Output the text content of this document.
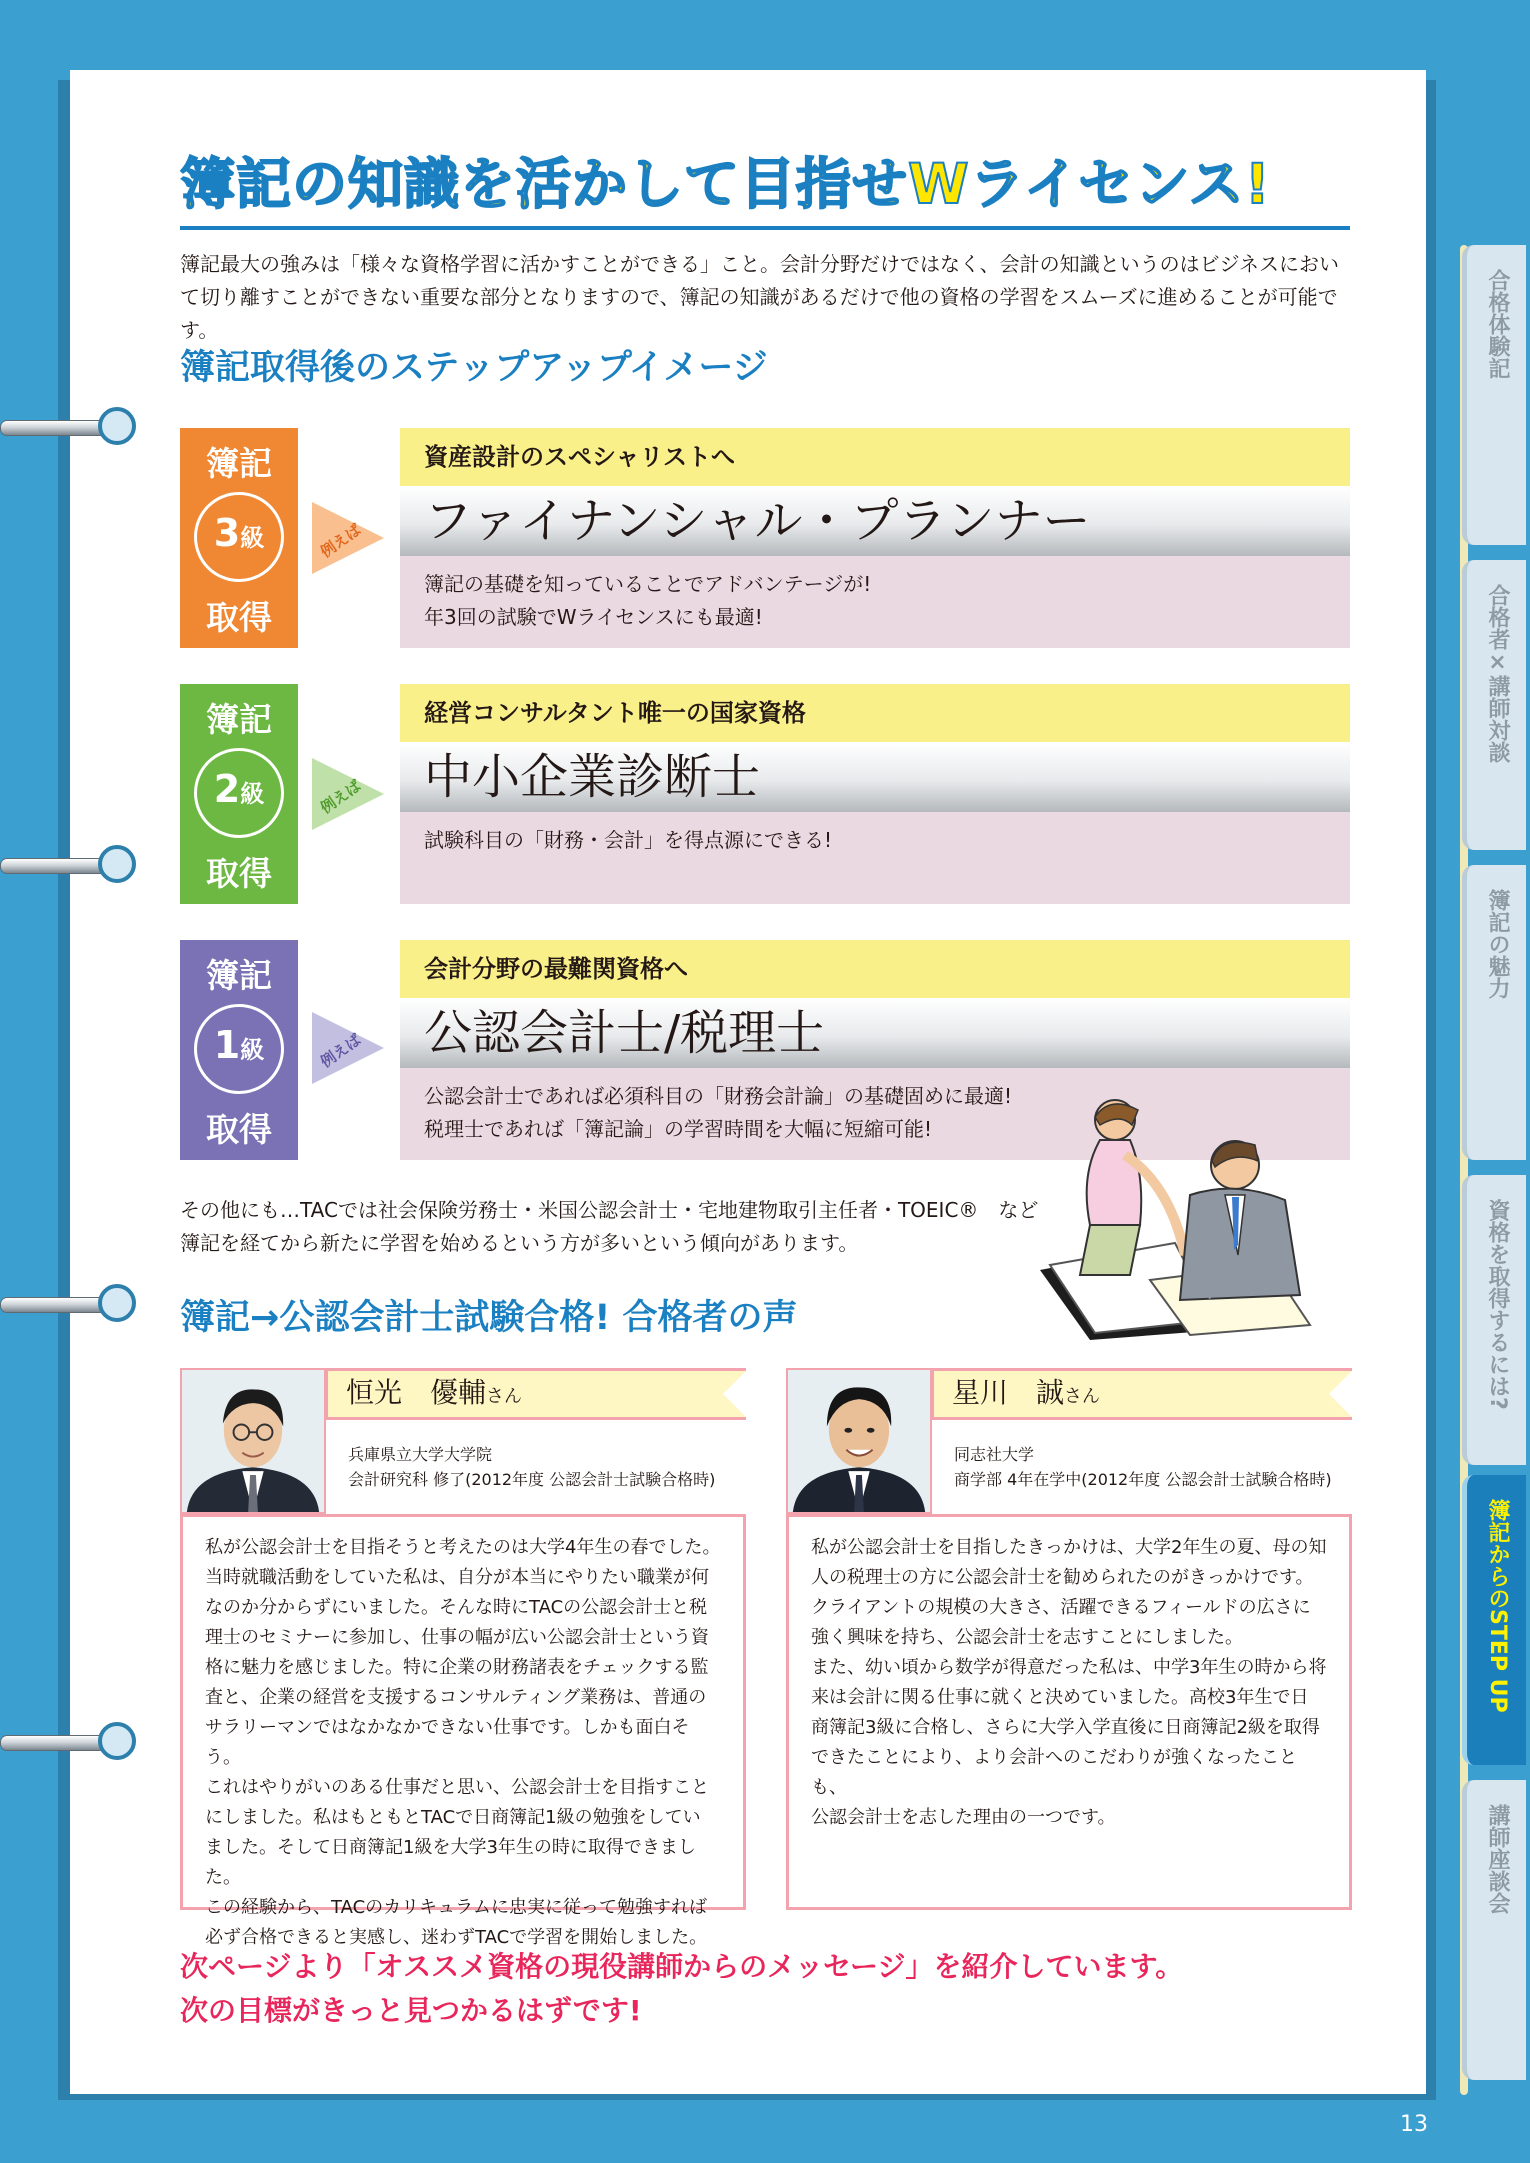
合格体験記
合格者×講師対談
簿記の魅力
資格を取得するには?
簿記からのSTEP UP
講師座談会
簿記の知識を活かして目指せWライセンス!
簿記最大の強みは「様々な資格学習に活かすことができる」こと。会計分野だけではなく、会計の知識というのはビジネスにおいて切り離すことができない重要な部分となりますので、簿記の知識があるだけで他の資格の学習をスムーズに進めることが可能です。
簿記取得後のステップアップイメージ
簿記
3級
取得
例えば
資産設計のスペシャリストへ
ファイナンシャル・プランナー
簿記の基礎を知っていることでアドバンテージが!
年3回の試験でWライセンスにも最適!
簿記
2級
取得
例えば
経営コンサルタント唯一の国家資格
中小企業診断士
試験科目の「財務・会計」を得点源にできる!
簿記
1級
取得
例えば
会計分野の最難関資格へ
公認会計士/税理士
公認会計士であれば必須科目の「財務会計論」の基礎固めに最適!
税理士であれば「簿記論」の学習時間を大幅に短縮可能!
その他にも…TACでは社会保険労務士・米国公認会計士・宅地建物取引主任者・TOEIC®　など
簿記を経てから新たに学習を始めるという方が多いという傾向があります。
簿記→公認会計士試験合格! 合格者の声
恒光　優輔さん
兵庫県立大学大学院
会計研究科 修了(2012年度 公認会計士試験合格時)
私が公認会計士を目指そうと考えたのは大学4年生の春でした。
当時就職活動をしていた私は、自分が本当にやりたい職業が何
なのか分からずにいました。そんな時にTACの公認会計士と税
理士のセミナーに参加し、仕事の幅が広い公認会計士という資
格に魅力を感じました。特に企業の財務諸表をチェックする監
査と、企業の経営を支援するコンサルティング業務は、普通の
サラリーマンではなかなかできない仕事です。しかも面白そう。
これはやりがいのある仕事だと思い、公認会計士を目指すこと
にしました。私はもともとTACで日商簿記1級の勉強をしてい
ました。そして日商簿記1級を大学3年生の時に取得できました。
この経験から、TACのカリキュラムに忠実に従って勉強すれば
必ず合格できると実感し、迷わずTACで学習を開始しました。
星川　誠さん
同志社大学
商学部 4年在学中(2012年度 公認会計士試験合格時)
私が公認会計士を目指したきっかけは、大学2年生の夏、母の知
人の税理士の方に公認会計士を勧められたのがきっかけです。
クライアントの規模の大きさ、活躍できるフィールドの広さに
強く興味を持ち、公認会計士を志すことにしました。
また、幼い頃から数学が得意だった私は、中学3年生の時から将
来は会計に関る仕事に就くと決めていました。高校3年生で日
商簿記3級に合格し、さらに大学入学直後に日商簿記2級を取得
できたことにより、より会計へのこだわりが強くなったことも、
公認会計士を志した理由の一つです。
次ページより「オススメ資格の現役講師からのメッセージ」を紹介しています。
次の目標がきっと見つかるはずです!
13
